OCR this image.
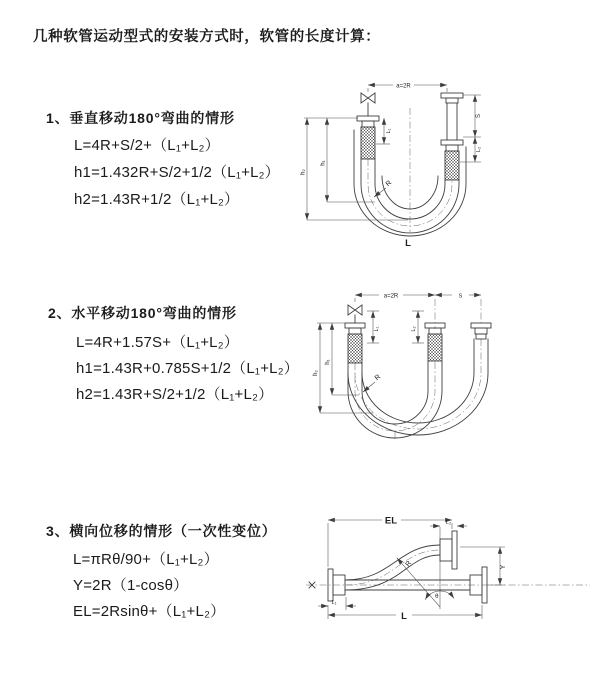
几种软管运动型式的安装方式时，软管的长度计算：
1、垂直移动180°弯曲的情形
L=4R+S/2+（L₁+L₂）
h1=1.432R+S/2+1/2（L₁+L₂）
h2=1.43R+1/2（L₁+L₂）
2、水平移动180°弯曲的情形
L=4R+1.57S+（L₁+L₂）
h1=1.43R+0.785S+1/2（L₁+L₂）
h2=1.43R+S/2+1/2（L₁+L₂）
3、横向位移的情形（一次性变位）
L=πRθ/90+（L₁+L₂）
Y=2R（1-cosθ）
EL=2Rsinθ+（L₁+L₂）
a=2R
h₁
h₂
L₁
S
L₂
R
L
a=2R	S
h₁
h₂
L₁	L₂
R
EL	L₂
Y
L
L₁
R
θ
